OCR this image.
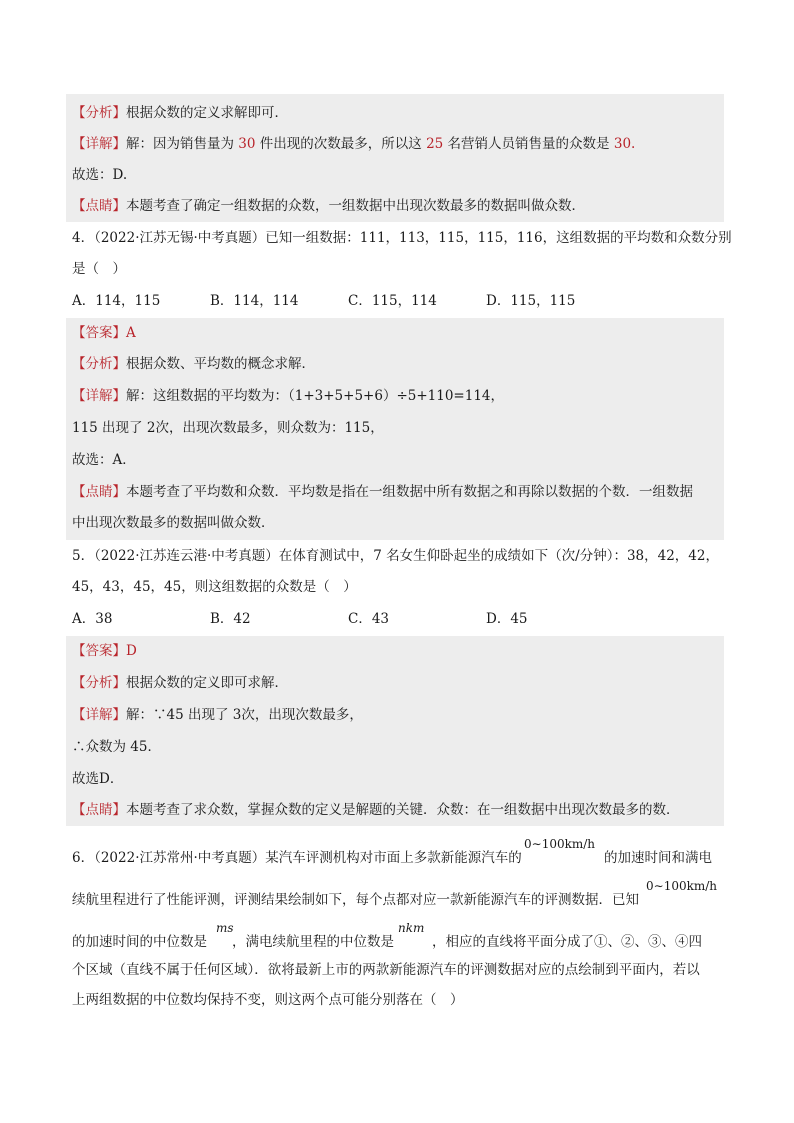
【分析】根据众数的定义求解即可．
【详解】解：因为销售量为 30 件出现的次数最多，所以这 25 名营销人员销售量的众数是 30.
故选：D.
【点睛】本题考查了确定一组数据的众数，一组数据中出现次数最多的数据叫做众数．
4．（2022·江苏无锡·中考真题）已知一组数据：111，113，115，115，116，这组数据的平均数和众数分别
是（　）
A．114，115	B．114，114	C．115，114	D．115，115
【答案】A
【分析】根据众数、平均数的概念求解．
【详解】解：这组数据的平均数为：（1+3+5+5+6）÷5+110=114，
115 出现了 2次，出现次数最多，则众数为：115，
故选：A．
【点睛】本题考查了平均数和众数．平均数是指在一组数据中所有数据之和再除以数据的个数．一组数据
中出现次数最多的数据叫做众数．
5．（2022·江苏连云港·中考真题）在体育测试中，7 名女生仰卧起坐的成绩如下（次/分钟）：38，42，42，
45，43，45，45，则这组数据的众数是（　）
A．38	B．42	C．43	D．45
【答案】D
【分析】根据众数的定义即可求解．
【详解】解：∵45 出现了 3次，出现次数最多，
∴众数为 45．
故选D．
【点睛】本题考查了求众数，掌握众数的定义是解题的关键．众数：在一组数据中出现次数最多的数．
6．（2022·江苏常州·中考真题）某汽车评测机构对市面上多款新能源汽车的
0∼100km/h
的加速时间和满电
续航里程进行了性能评测，评测结果绘制如下，每个点都对应一款新能源汽车的评测数据．已知
0∼100km/h
的加速时间的中位数是
ms
，满电续航里程的中位数是
nkm
，相应的直线将平面分成了①、②、③、④四
个区域（直线不属于任何区域）．欲将最新上市的两款新能源汽车的评测数据对应的点绘制到平面内，若以
上两组数据的中位数均保持不变，则这两个点可能分别落在（　）
